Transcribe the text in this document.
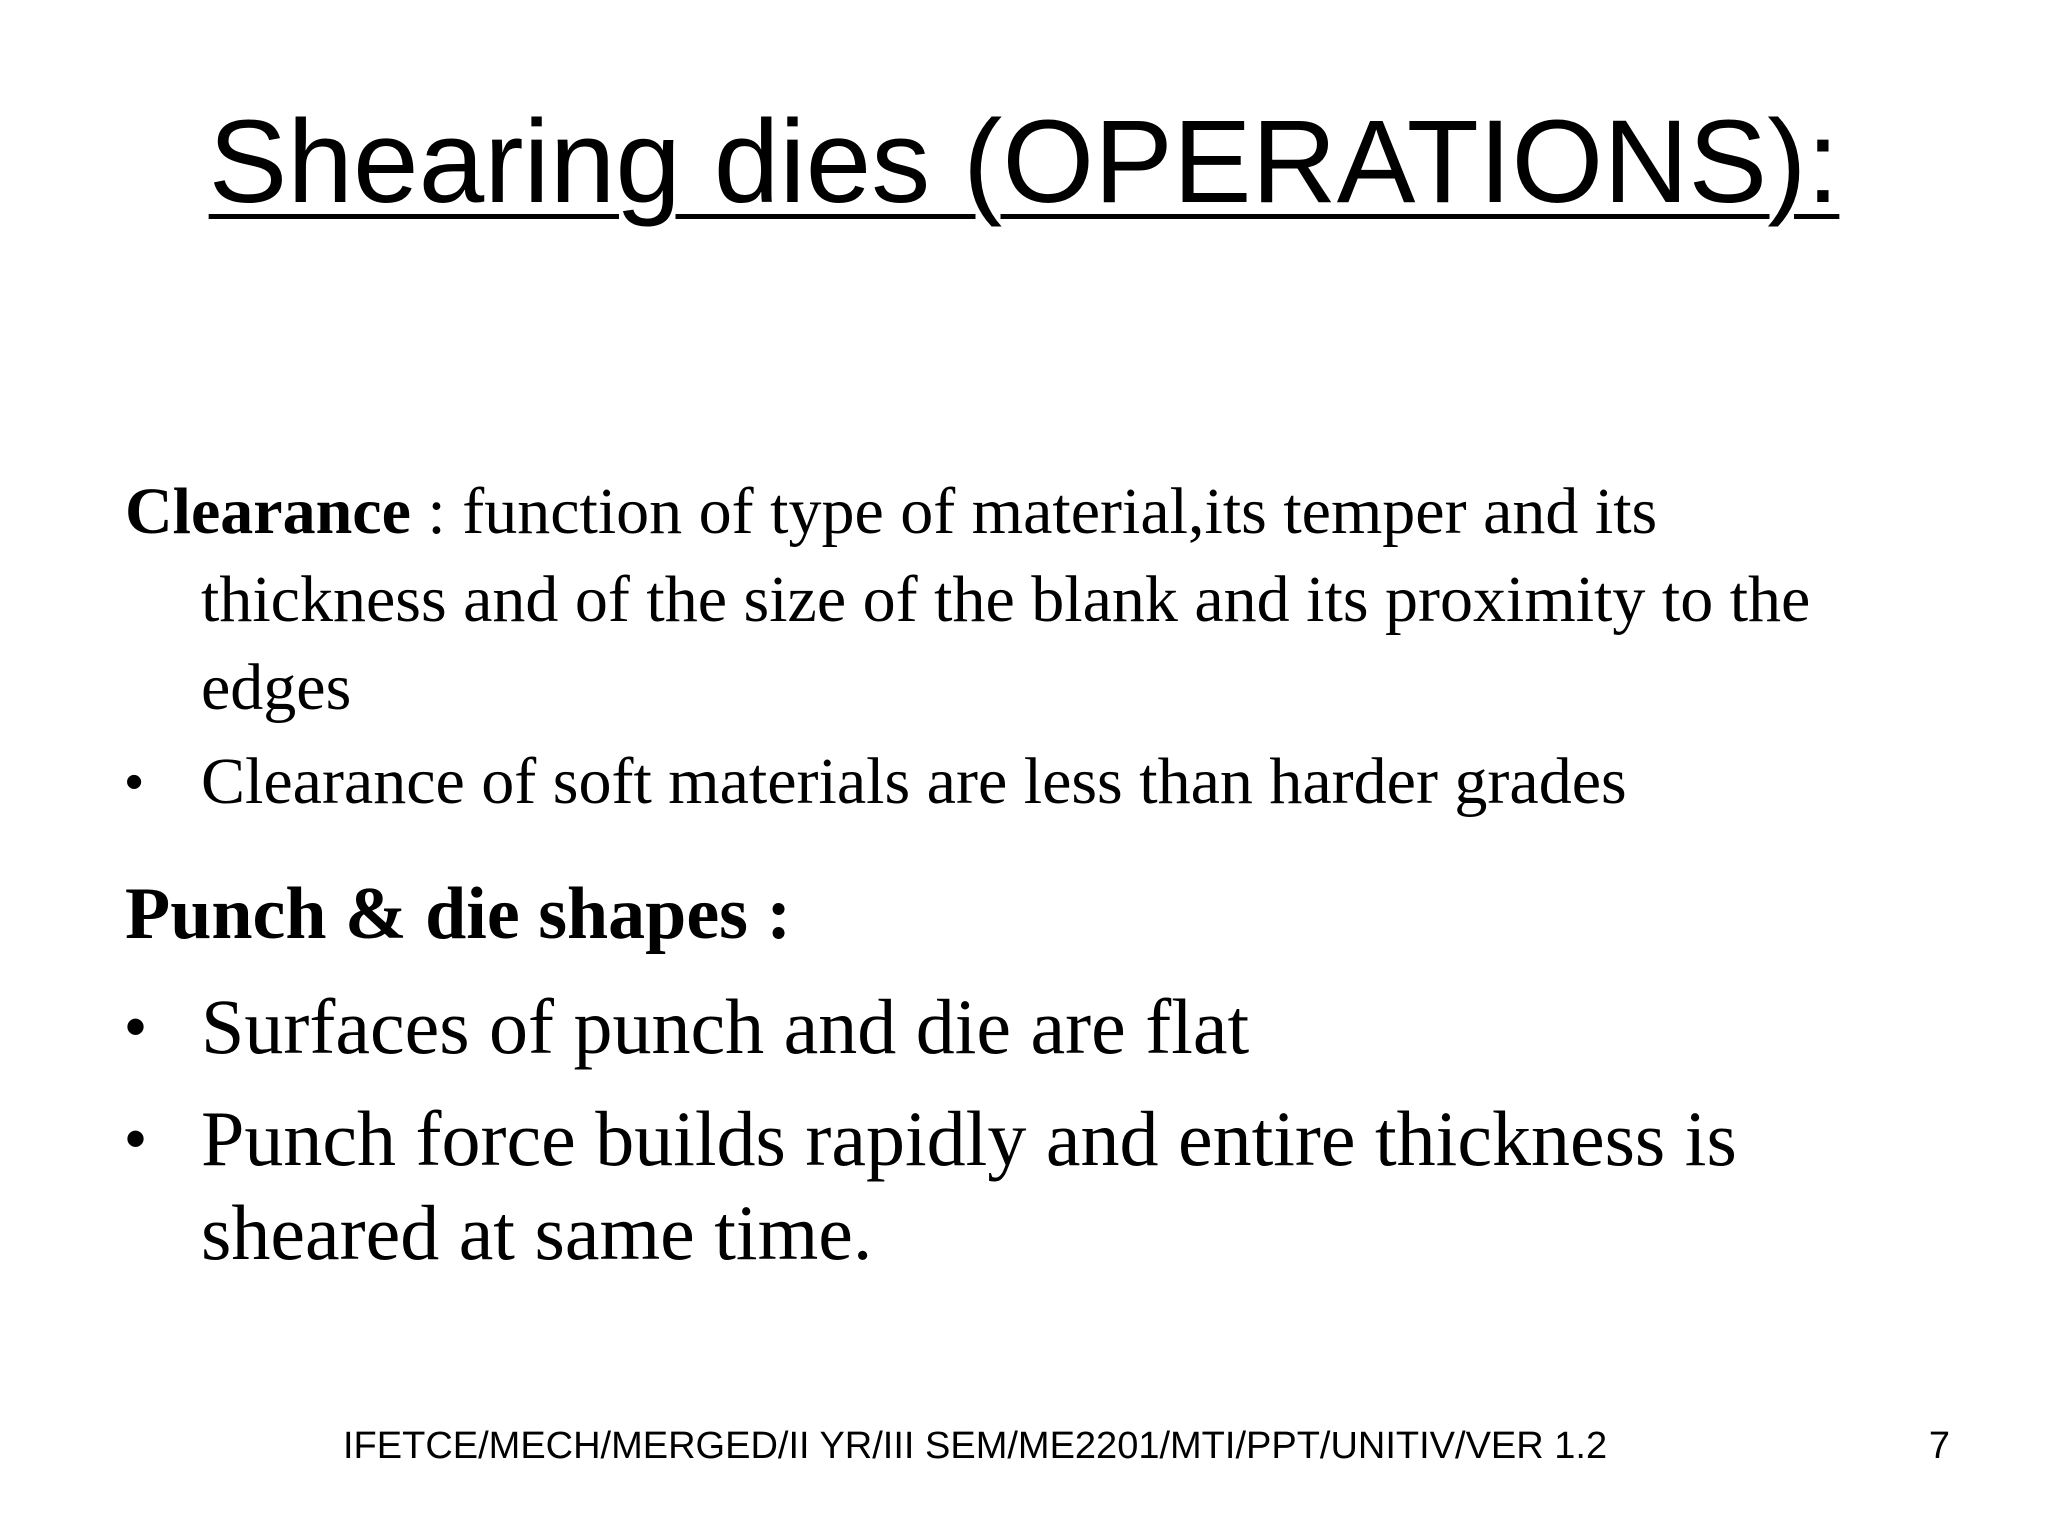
Shearing dies (OPERATIONS):

Clearance : function of type of material,its temper and its thickness and of the size of the blank and its proximity to the edges

• Clearance of soft materials are less than harder grades

Punch & die shapes :

• Surfaces of punch and die are flat

• Punch force builds rapidly and entire thickness is sheared at same time.

IFETCE/MECH/MERGED/II YR/III SEM/ME2201/MTI/PPT/UNITIV/VER 1.2	7
